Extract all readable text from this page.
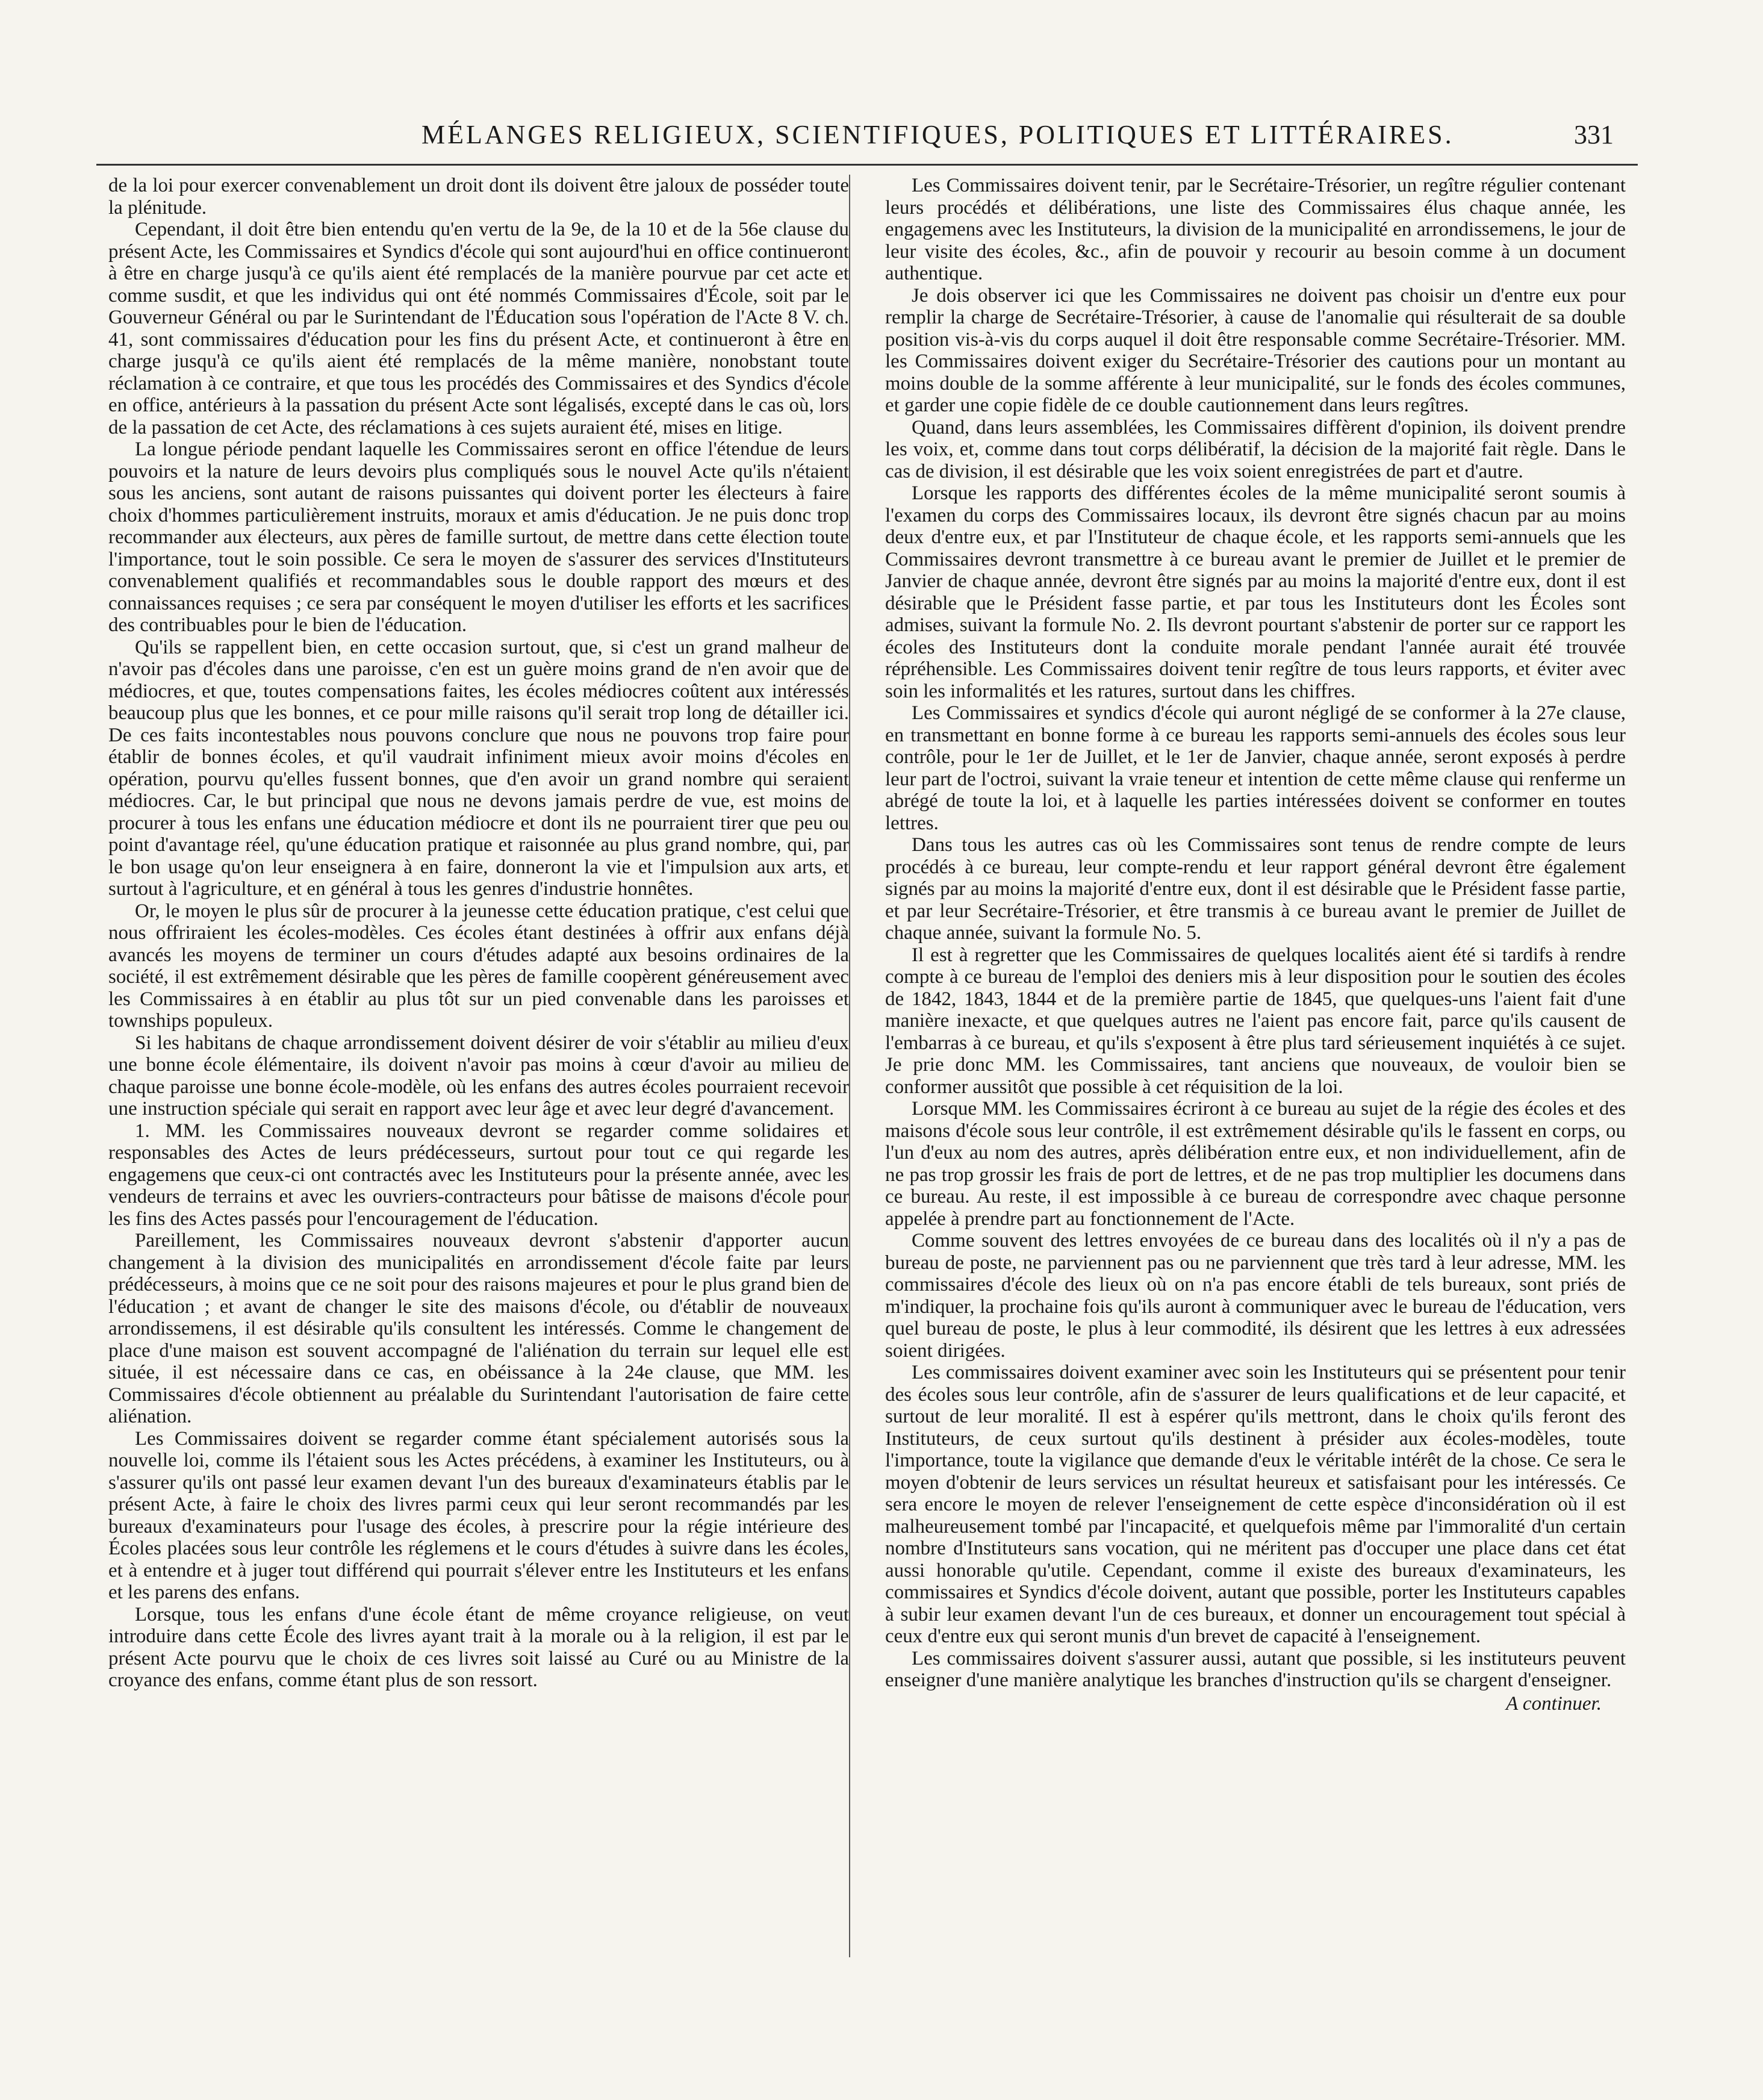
MÉLANGES RELIGIEUX, SCIENTIFIQUES, POLITIQUES ET LITTÉRAIRES.	331

de la loi pour exercer convenablement un droit dont ils doivent être jaloux de posséder toute la plénitude.

Cependant, il doit être bien entendu qu'en vertu de la 9e, de la 10 et de la 56e clause du présent Acte, les Commissaires et Syndics d'école qui sont aujourd'hui en office continueront à être en charge jusqu'à ce qu'ils aient été remplacés de la manière pourvue par cet acte et comme susdit, et que les individus qui ont été nommés Commissaires d'École, soit par le Gouverneur Général ou par le Surintendant de l'Éducation sous l'opération de l'Acte 8 V. ch. 41, sont commissaires d'éducation pour les fins du présent Acte, et continueront à être en charge jusqu'à ce qu'ils aient été remplacés de la même manière, nonobstant toute réclamation à ce contraire, et que tous les procédés des Commissaires et des Syndics d'école en office, antérieurs à la passation du présent Acte sont légalisés, excepté dans le cas où, lors de la passation de cet Acte, des réclamations à ces sujets auraient été, mises en litige.

La longue période pendant laquelle les Commissaires seront en office l'étendue de leurs pouvoirs et la nature de leurs devoirs plus compliqués sous le nouvel Acte qu'ils n'étaient sous les anciens, sont autant de raisons puissantes qui doivent porter les électeurs à faire choix d'hommes particulièrement instruits, moraux et amis d'éducation. Je ne puis donc trop recommander aux électeurs, aux pères de famille surtout, de mettre dans cette élection toute l'importance, tout le soin possible. Ce sera le moyen de s'assurer des services d'Instituteurs convenablement qualifiés et recommandables sous le double rapport des mœurs et des connaissances requises ; ce sera par conséquent le moyen d'utiliser les efforts et les sacrifices des contribuables pour le bien de l'éducation.

Qu'ils se rappellent bien, en cette occasion surtout, que, si c'est un grand malheur de n'avoir pas d'écoles dans une paroisse, c'en est un guère moins grand de n'en avoir que de médiocres, et que, toutes compensations faites, les écoles médiocres coûtent aux intéressés beaucoup plus que les bonnes, et ce pour mille raisons qu'il serait trop long de détailler ici. De ces faits incontestables nous pouvons conclure que nous ne pouvons trop faire pour établir de bonnes écoles, et qu'il vaudrait infiniment mieux avoir moins d'écoles en opération, pourvu qu'elles fussent bonnes, que d'en avoir un grand nombre qui seraient médiocres. Car, le but principal que nous ne devons jamais perdre de vue, est moins de procurer à tous les enfans une éducation médiocre et dont ils ne pourraient tirer que peu ou point d'avantage réel, qu'une éducation pratique et raisonnée au plus grand nombre, qui, par le bon usage qu'on leur enseignera à en faire, donneront la vie et l'impulsion aux arts, et surtout à l'agriculture, et en général à tous les genres d'industrie honnêtes.

Or, le moyen le plus sûr de procurer à la jeunesse cette éducation pratique, c'est celui que nous offriraient les écoles-modèles. Ces écoles étant destinées à offrir aux enfans déjà avancés les moyens de terminer un cours d'études adapté aux besoins ordinaires de la société, il est extrêmement désirable que les pères de famille coopèrent généreusement avec les Commissaires à en établir au plus tôt sur un pied convenable dans les paroisses et townships populeux.

Si les habitans de chaque arrondissement doivent désirer de voir s'établir au milieu d'eux une bonne école élémentaire, ils doivent n'avoir pas moins à cœur d'avoir au milieu de chaque paroisse une bonne école-modèle, où les enfans des autres écoles pourraient recevoir une instruction spéciale qui serait en rapport avec leur âge et avec leur degré d'avancement.

1. MM. les Commissaires nouveaux devront se regarder comme solidaires et responsables des Actes de leurs prédécesseurs, surtout pour tout ce qui regarde les engagemens que ceux-ci ont contractés avec les Instituteurs pour la présente année, avec les vendeurs de terrains et avec les ouvriers-contracteurs pour bâtisse de maisons d'école pour les fins des Actes passés pour l'encouragement de l'éducation.

Pareillement, les Commissaires nouveaux devront s'abstenir d'apporter aucun changement à la division des municipalités en arrondissement d'école faite par leurs prédécesseurs, à moins que ce ne soit pour des raisons majeures et pour le plus grand bien de l'éducation ; et avant de changer le site des maisons d'école, ou d'établir de nouveaux arrondissemens, il est désirable qu'ils consultent les intéressés. Comme le changement de place d'une maison est souvent accompagné de l'aliénation du terrain sur lequel elle est située, il est nécessaire dans ce cas, en obéissance à la 24e clause, que MM. les Commissaires d'école obtiennent au préalable du Surintendant l'autorisation de faire cette aliénation.

Les Commissaires doivent se regarder comme étant spécialement autorisés sous la nouvelle loi, comme ils l'étaient sous les Actes précédens, à examiner les Instituteurs, ou à s'assurer qu'ils ont passé leur examen devant l'un des bureaux d'examinateurs établis par le présent Acte, à faire le choix des livres parmi ceux qui leur seront recommandés par les bureaux d'examinateurs pour l'usage des écoles, à prescrire pour la régie intérieure des Écoles placées sous leur contrôle les réglemens et le cours d'études à suivre dans les écoles, et à entendre et à juger tout différend qui pourrait s'élever entre les Instituteurs et les enfans et les parens des enfans.

Lorsque, tous les enfans d'une école étant de même croyance religieuse, on veut introduire dans cette École des livres ayant trait à la morale ou à la religion, il est par le présent Acte pourvu que le choix de ces livres soit laissé au Curé ou au Ministre de la croyance des enfans, comme étant plus de son ressort.

Les Commissaires doivent tenir, par le Secrétaire-Trésorier, un regître régulier contenant leurs procédés et délibérations, une liste des Commissaires élus chaque année, les engagemens avec les Instituteurs, la division de la municipalité en arrondissemens, le jour de leur visite des écoles, &c., afin de pouvoir y recourir au besoin comme à un document authentique.

Je dois observer ici que les Commissaires ne doivent pas choisir un d'entre eux pour remplir la charge de Secrétaire-Trésorier, à cause de l'anomalie qui résulterait de sa double position vis-à-vis du corps auquel il doit être responsable comme Secrétaire-Trésorier. MM. les Commissaires doivent exiger du Secrétaire-Trésorier des cautions pour un montant au moins double de la somme afférente à leur municipalité, sur le fonds des écoles communes, et garder une copie fidèle de ce double cautionnement dans leurs regîtres.

Quand, dans leurs assemblées, les Commissaires diffèrent d'opinion, ils doivent prendre les voix, et, comme dans tout corps délibératif, la décision de la majorité fait règle. Dans le cas de division, il est désirable que les voix soient enregistrées de part et d'autre.

Lorsque les rapports des différentes écoles de la même municipalité seront soumis à l'examen du corps des Commissaires locaux, ils devront être signés chacun par au moins deux d'entre eux, et par l'Instituteur de chaque école, et les rapports semi-annuels que les Commissaires devront transmettre à ce bureau avant le premier de Juillet et le premier de Janvier de chaque année, devront être signés par au moins la majorité d'entre eux, dont il est désirable que le Président fasse partie, et par tous les Instituteurs dont les Écoles sont admises, suivant la formule No. 2. Ils devront pourtant s'abstenir de porter sur ce rapport les écoles des Instituteurs dont la conduite morale pendant l'année aurait été trouvée répréhensible. Les Commissaires doivent tenir regître de tous leurs rapports, et éviter avec soin les informalités et les ratures, surtout dans les chiffres.

Les Commissaires et syndics d'école qui auront négligé de se conformer à la 27e clause, en transmettant en bonne forme à ce bureau les rapports semi-annuels des écoles sous leur contrôle, pour le 1er de Juillet, et le 1er de Janvier, chaque année, seront exposés à perdre leur part de l'octroi, suivant la vraie teneur et intention de cette même clause qui renferme un abrégé de toute la loi, et à laquelle les parties intéressées doivent se conformer en toutes lettres.

Dans tous les autres cas où les Commissaires sont tenus de rendre compte de leurs procédés à ce bureau, leur compte-rendu et leur rapport général devront être également signés par au moins la majorité d'entre eux, dont il est désirable que le Président fasse partie, et par leur Secrétaire-Trésorier, et être transmis à ce bureau avant le premier de Juillet de chaque année, suivant la formule No. 5.

Il est à regretter que les Commissaires de quelques localités aient été si tardifs à rendre compte à ce bureau de l'emploi des deniers mis à leur disposition pour le soutien des écoles de 1842, 1843, 1844 et de la première partie de 1845, que quelques-uns l'aient fait d'une manière inexacte, et que quelques autres ne l'aient pas encore fait, parce qu'ils causent de l'embarras à ce bureau, et qu'ils s'exposent à être plus tard sérieusement inquiétés à ce sujet. Je prie donc MM. les Commissaires, tant anciens que nouveaux, de vouloir bien se conformer aussitôt que possible à cet réquisition de la loi.

Lorsque MM. les Commissaires écriront à ce bureau au sujet de la régie des écoles et des maisons d'école sous leur contrôle, il est extrêmement désirable qu'ils le fassent en corps, ou l'un d'eux au nom des autres, après délibération entre eux, et non individuellement, afin de ne pas trop grossir les frais de port de lettres, et de ne pas trop multiplier les documens dans ce bureau. Au reste, il est impossible à ce bureau de correspondre avec chaque personne appelée à prendre part au fonctionnement de l'Acte.

Comme souvent des lettres envoyées de ce bureau dans des localités où il n'y a pas de bureau de poste, ne parviennent pas ou ne parviennent que très tard à leur adresse, MM. les commissaires d'école des lieux où on n'a pas encore établi de tels bureaux, sont priés de m'indiquer, la prochaine fois qu'ils auront à communiquer avec le bureau de l'éducation, vers quel bureau de poste, le plus à leur commodité, ils désirent que les lettres à eux adressées soient dirigées.

Les commissaires doivent examiner avec soin les Instituteurs qui se présentent pour tenir des écoles sous leur contrôle, afin de s'assurer de leurs qualifications et de leur capacité, et surtout de leur moralité. Il est à espérer qu'ils mettront, dans le choix qu'ils feront des Instituteurs, de ceux surtout qu'ils destinent à présider aux écoles-modèles, toute l'importance, toute la vigilance que demande d'eux le véritable intérêt de la chose. Ce sera le moyen d'obtenir de leurs services un résultat heureux et satisfaisant pour les intéressés. Ce sera encore le moyen de relever l'enseignement de cette espèce d'inconsidération où il est malheureusement tombé par l'incapacité, et quelquefois même par l'immoralité d'un certain nombre d'Instituteurs sans vocation, qui ne méritent pas d'occuper une place dans cet état aussi honorable qu'utile. Cependant, comme il existe des bureaux d'examinateurs, les commissaires et Syndics d'école doivent, autant que possible, porter les Instituteurs capables à subir leur examen devant l'un de ces bureaux, et donner un encouragement tout spécial à ceux d'entre eux qui seront munis d'un brevet de capacité à l'enseignement.

Les commissaires doivent s'assurer aussi, autant que possible, si les instituteurs peuvent enseigner d'une manière analytique les branches d'instruction qu'ils se chargent d'enseigner.

A continuer.
